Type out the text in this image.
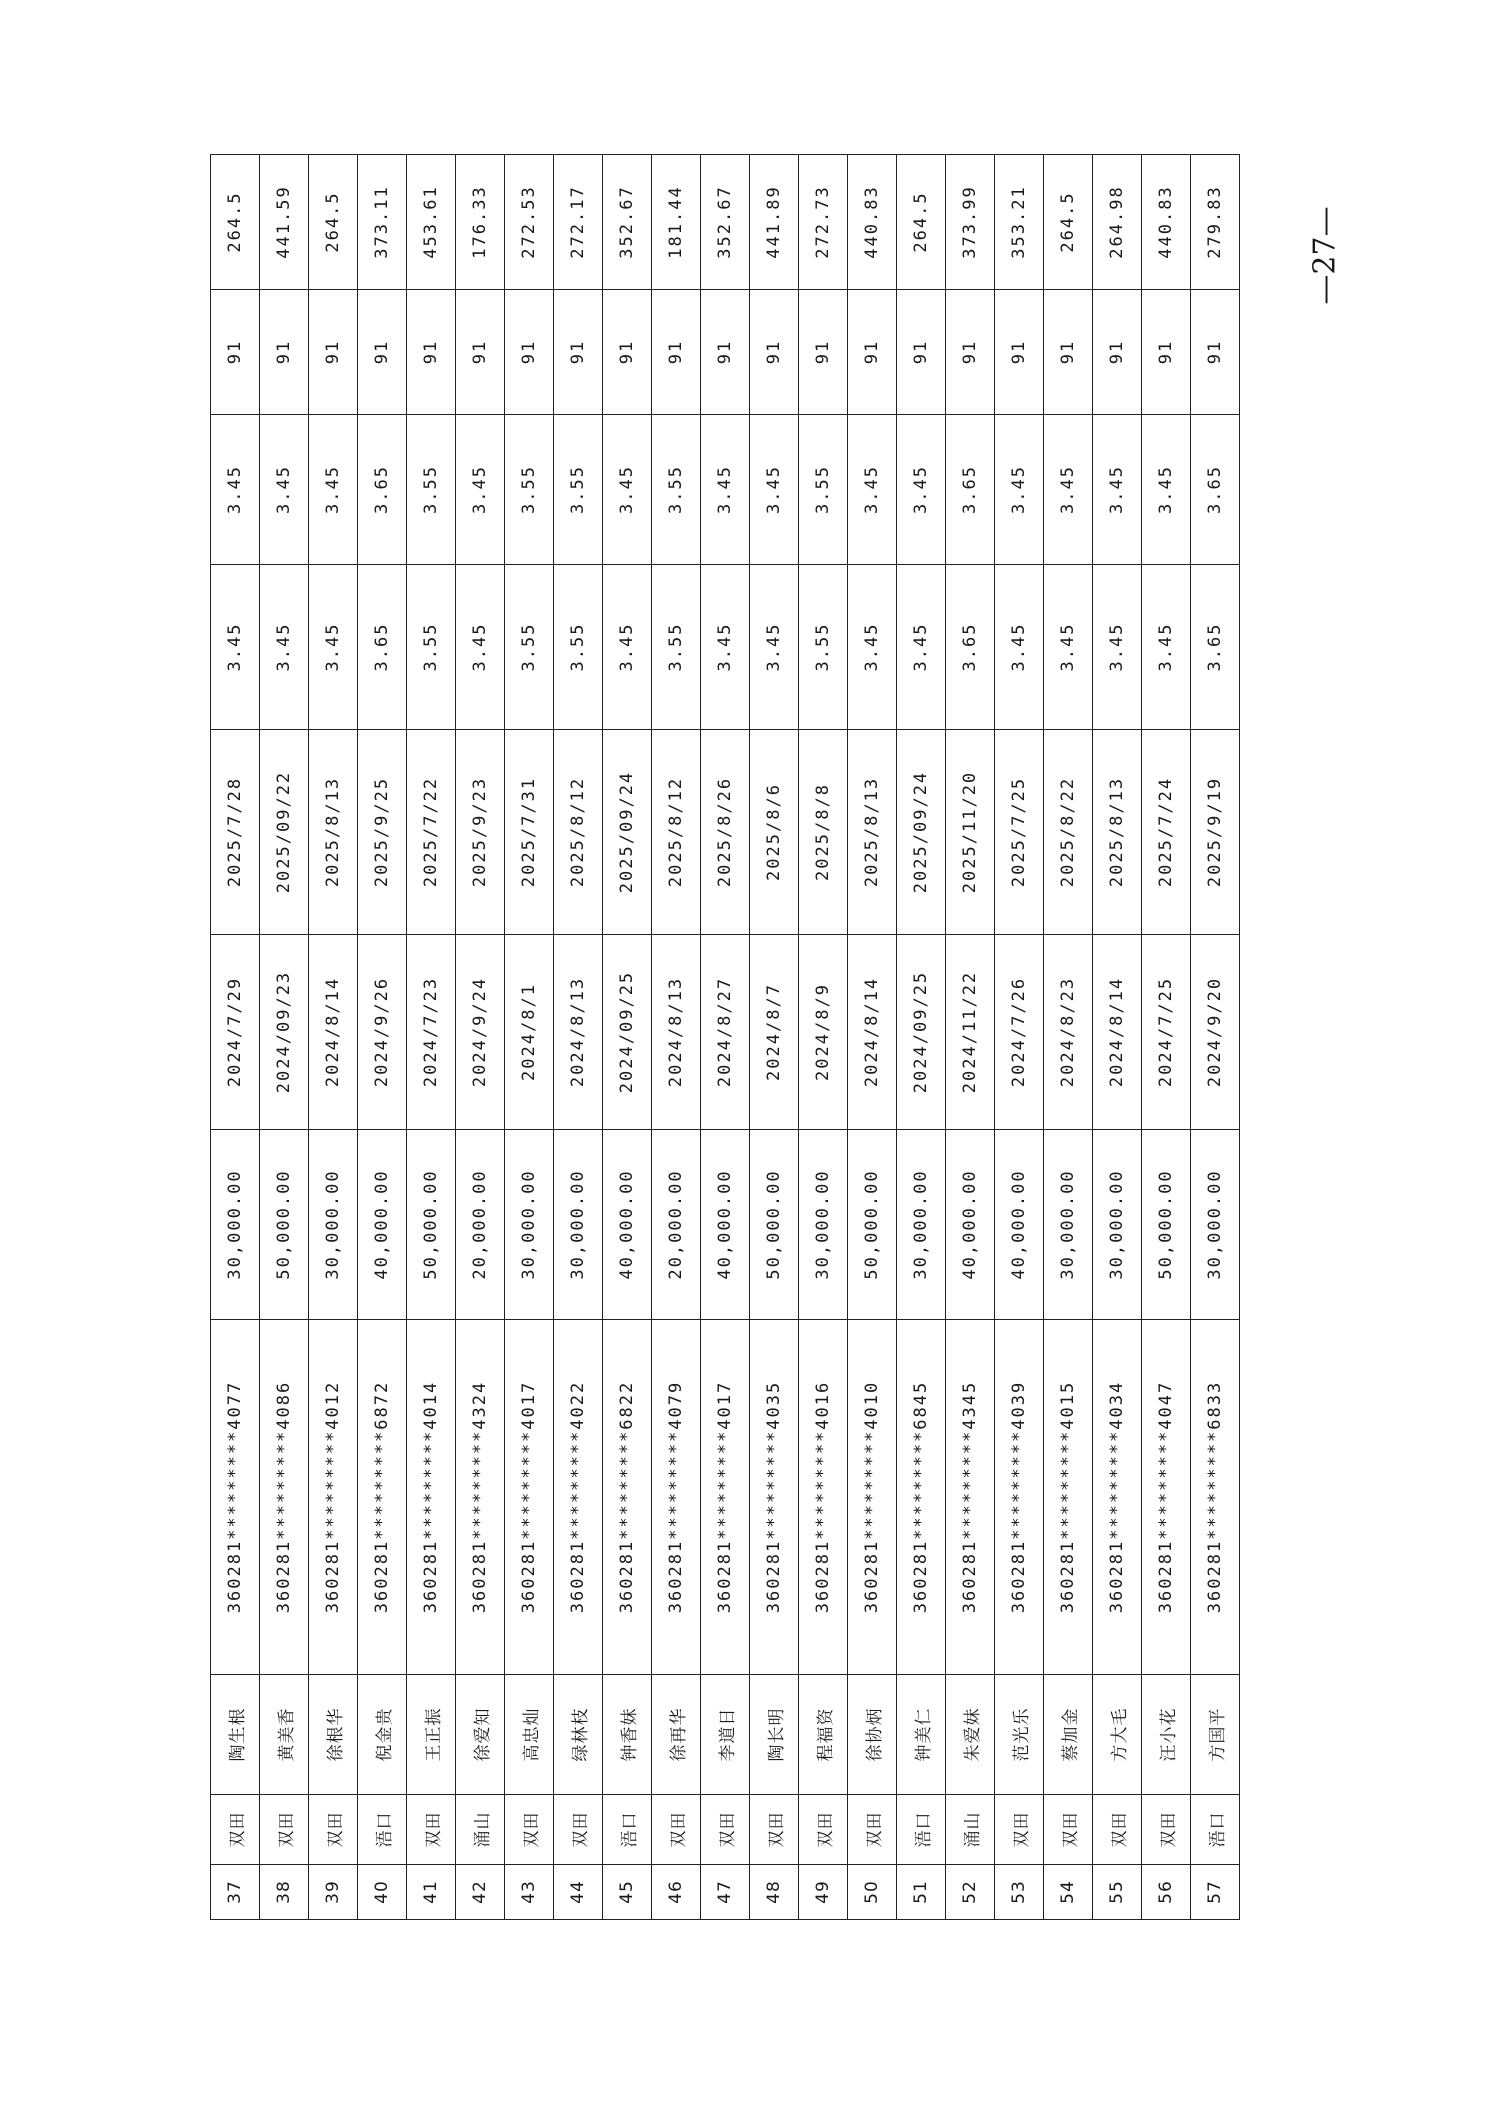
37	双田	陶生根	360281*********4077	30,000.00	2024/7/29	2025/7/28	3.45	3.45	91	264.5
38	双田	黄美香	360281*********4086	50,000.00	2024/09/23	2025/09/22	3.45	3.45	91	441.59
39	双田	徐根华	360281*********4012	30,000.00	2024/8/14	2025/8/13	3.45	3.45	91	264.5
40	浯口	倪金贵	360281*********6872	40,000.00	2024/9/26	2025/9/25	3.65	3.65	91	373.11
41	双田	王正振	360281*********4014	50,000.00	2024/7/23	2025/7/22	3.55	3.55	91	453.61
42	涌山	徐爱知	360281*********4324	20,000.00	2024/9/24	2025/9/23	3.45	3.45	91	176.33
43	双田	高忠灿	360281*********4017	30,000.00	2024/8/1	2025/7/31	3.55	3.55	91	272.53
44	双田	绿林枝	360281*********4022	30,000.00	2024/8/13	2025/8/12	3.55	3.55	91	272.17
45	浯口	钟香妹	360281*********6822	40,000.00	2024/09/25	2025/09/24	3.45	3.45	91	352.67
46	双田	徐再华	360281*********4079	20,000.00	2024/8/13	2025/8/12	3.55	3.55	91	181.44
47	双田	李道日	360281*********4017	40,000.00	2024/8/27	2025/8/26	3.45	3.45	91	352.67
48	双田	陶长明	360281*********4035	50,000.00	2024/8/7	2025/8/6	3.45	3.45	91	441.89
49	双田	程福资	360281*********4016	30,000.00	2024/8/9	2025/8/8	3.55	3.55	91	272.73
50	双田	徐协炳	360281*********4010	50,000.00	2024/8/14	2025/8/13	3.45	3.45	91	440.83
51	浯口	钟美仁	360281*********6845	30,000.00	2024/09/25	2025/09/24	3.45	3.45	91	264.5
52	涌山	朱爱妹	360281*********4345	40,000.00	2024/11/22	2025/11/20	3.65	3.65	91	373.99
53	双田	范光乐	360281*********4039	40,000.00	2024/7/26	2025/7/25	3.45	3.45	91	353.21
54	双田	蔡加金	360281*********4015	30,000.00	2024/8/23	2025/8/22	3.45	3.45	91	264.5
55	双田	方大毛	360281*********4034	30,000.00	2024/8/14	2025/8/13	3.45	3.45	91	264.98
56	双田	汪小花	360281*********4047	50,000.00	2024/7/25	2025/7/24	3.45	3.45	91	440.83
57	浯口	方国平	360281*********6833	30,000.00	2024/9/20	2025/9/19	3.65	3.65	91	279.83	—27—
